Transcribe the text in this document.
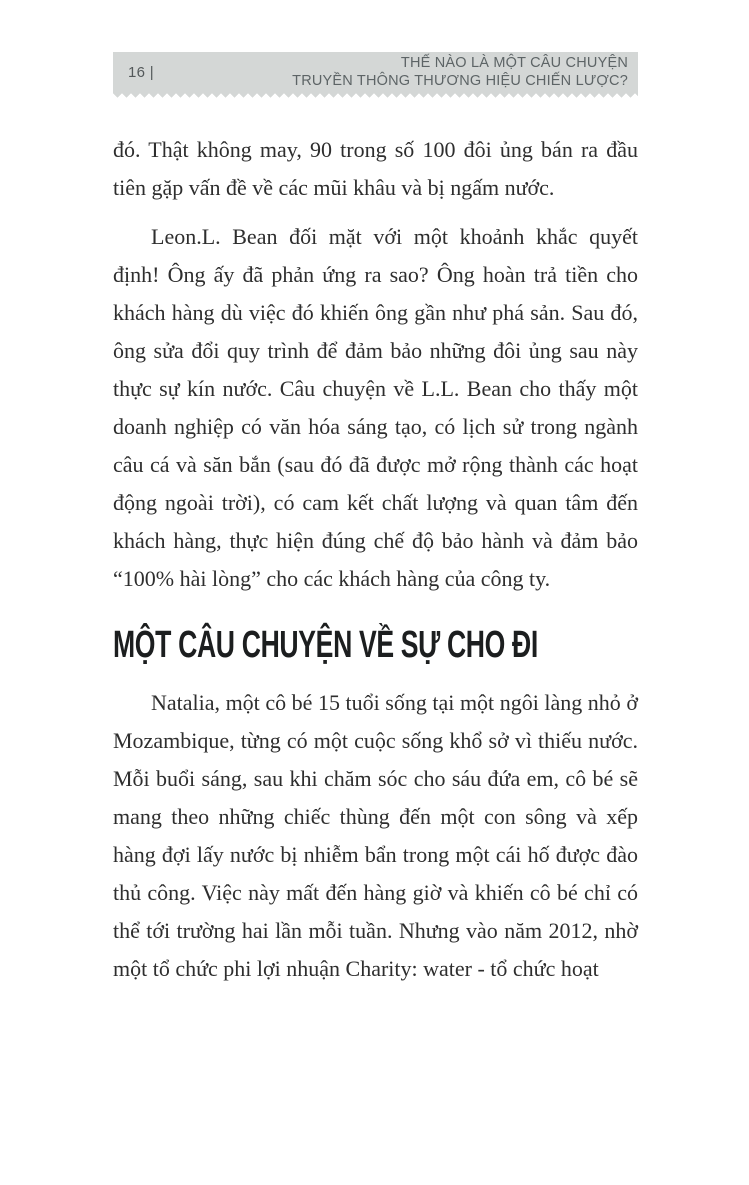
16 |
THẾ NÀO LÀ MỘT CÂU CHUYỆN
TRUYỀN THÔNG THƯƠNG HIỆU CHIẾN LƯỢC?

đó. Thật không may, 90 trong số 100 đôi ủng bán ra đầu tiên gặp vấn đề về các mũi khâu và bị ngấm nước.

Leon.L. Bean đối mặt với một khoảnh khắc quyết định! Ông ấy đã phản ứng ra sao? Ông hoàn trả tiền cho khách hàng dù việc đó khiến ông gần như phá sản. Sau đó, ông sửa đổi quy trình để đảm bảo những đôi ủng sau này thực sự kín nước. Câu chuyện về L.L. Bean cho thấy một doanh nghiệp có văn hóa sáng tạo, có lịch sử trong ngành câu cá và săn bắn (sau đó đã được mở rộng thành các hoạt động ngoài trời), có cam kết chất lượng và quan tâm đến khách hàng, thực hiện đúng chế độ bảo hành và đảm bảo “100% hài lòng” cho các khách hàng của công ty.

MỘT CÂU CHUYỆN VỀ SỰ CHO ĐI

Natalia, một cô bé 15 tuổi sống tại một ngôi làng nhỏ ở Mozambique, từng có một cuộc sống khổ sở vì thiếu nước. Mỗi buổi sáng, sau khi chăm sóc cho sáu đứa em, cô bé sẽ mang theo những chiếc thùng đến một con sông và xếp hàng đợi lấy nước bị nhiễm bẩn trong một cái hố được đào thủ công. Việc này mất đến hàng giờ và khiến cô bé chỉ có thể tới trường hai lần mỗi tuần. Nhưng vào năm 2012, nhờ một tổ chức phi lợi nhuận Charity: water - tổ chức hoạt
